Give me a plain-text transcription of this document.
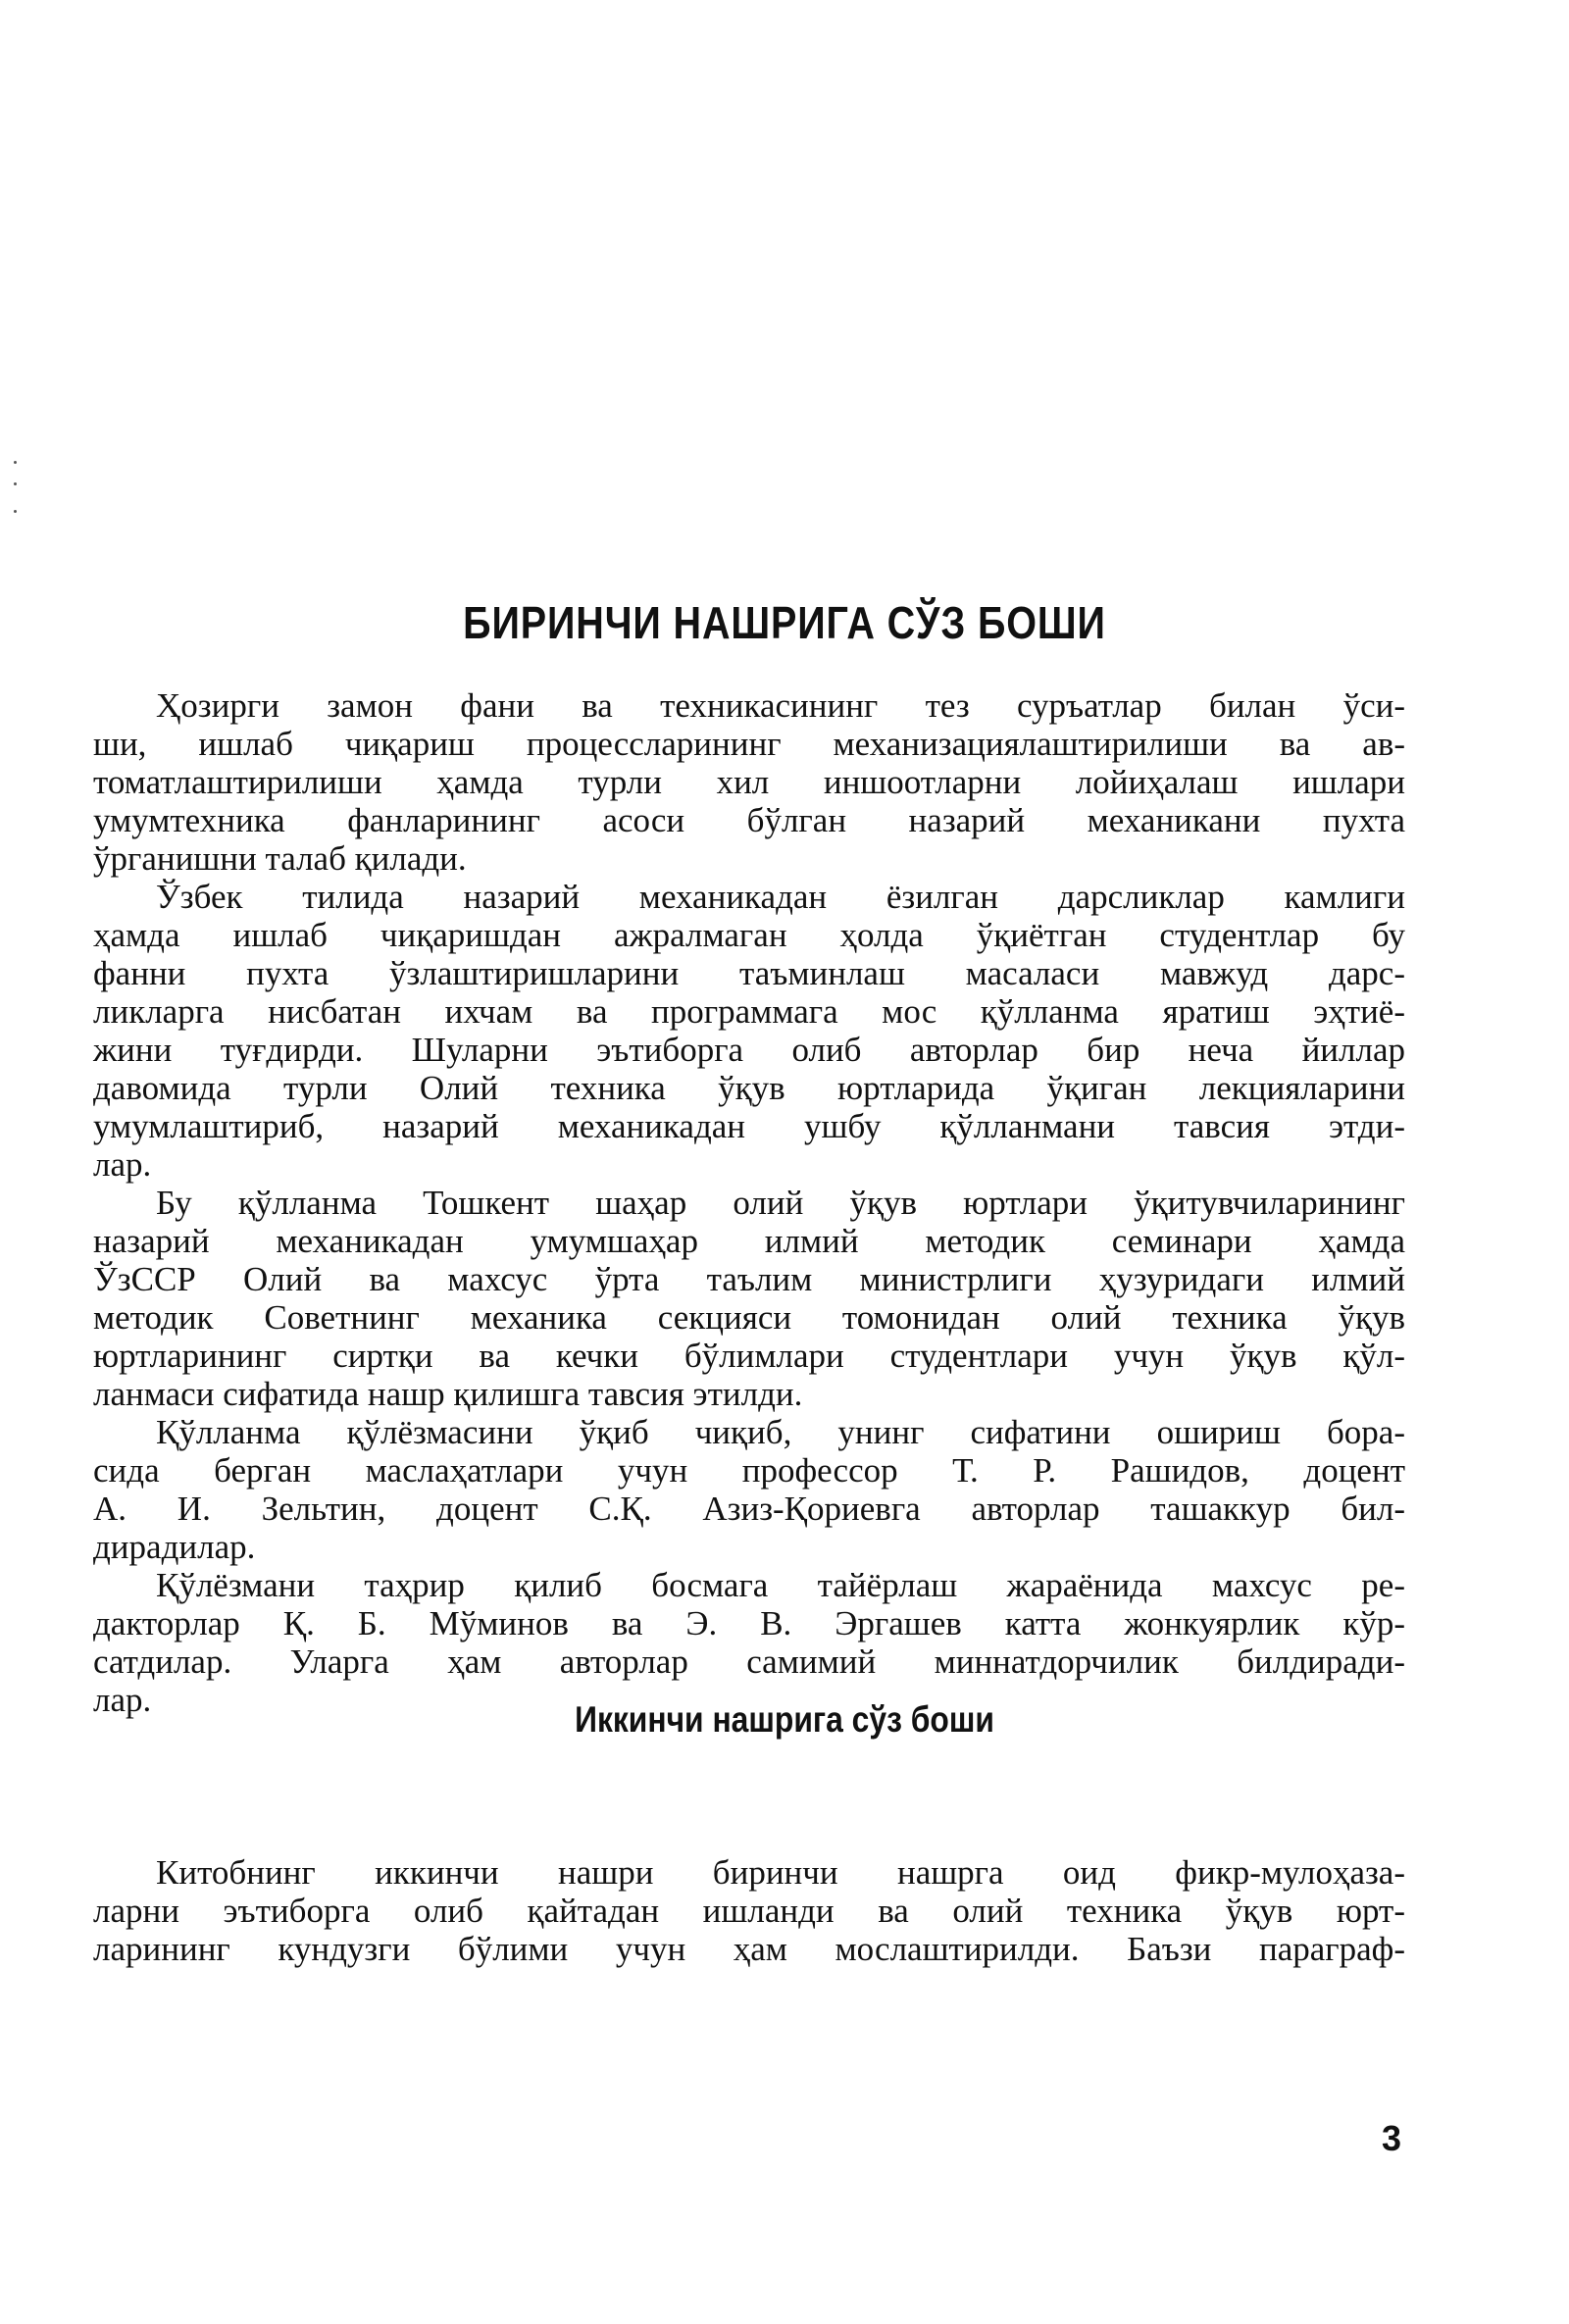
БИРИНЧИ НАШРИГА СЎЗ БОШИ
Ҳозирги замон фани ва техникасининг тез суръатлар билан ўси-
ши, ишлаб чиқариш процессларининг механизациялаштирилиши ва ав-
томатлаштирилиши ҳамда турли хил иншоотларни лойиҳалаш ишлари
умумтехника фанларининг асоси бўлган назарий механикани пухта
ўрганишни талаб қилади.
Ўзбек тилида назарий механикадан ёзилган дарсликлар камлиги
ҳамда ишлаб чиқаришдан ажралмаган ҳолда ўқиётган студентлар бу
фанни пухта ўзлаштиришларини таъминлаш масаласи мавжуд дарс-
ликларга нисбатан ихчам ва программага мос қўлланма яратиш эҳтиё-
жини туғдирди. Шуларни эътиборга олиб авторлар бир неча йиллар
давомида турли Олий техника ўқув юртларида ўқиган лекцияларини
умумлаштириб, назарий механикадан ушбу қўлланмани тавсия этди-
лар.
Бу қўлланма Тошкент шаҳар олий ўқув юртлари ўқитувчиларининг
назарий механикадан умумшаҳар илмий методик семинари ҳамда
ЎзССР Олий ва махсус ўрта таълим министрлиги ҳузуридаги илмий
методик Советнинг механика секцияси томонидан олий техника ўқув
юртларининг сиртқи ва кечки бўлимлари студентлари учун ўқув қўл-
ланмаси сифатида нашр қилишга тавсия этилди.
Қўлланма қўлёзмасини ўқиб чиқиб, унинг сифатини ошириш бора-
сида берган маслаҳатлари учун профессор Т. Р. Рашидов, доцент
А. И. Зельтин, доцент С.Қ. Азиз-Қориевга авторлар ташаккур бил-
дирадилар.
Қўлёзмани таҳрир қилиб босмага тайёрлаш жараёнида махсус ре-
дакторлар Қ. Б. Мўминов ва Э. В. Эргашев катта жонкуярлик кўр-
сатдилар. Уларга ҳам авторлар самимий миннатдорчилик билдиради-
лар.	Иккинчи нашрига сўз боши
Китобнинг иккинчи нашри биринчи нашрга оид фикр-мулоҳаза-
ларни эътиборга олиб қайтадан ишланди ва олий техника ўқув юрт-
ларининг кундузги бўлими учун ҳам мослаштирилди. Баъзи параграф-
3
